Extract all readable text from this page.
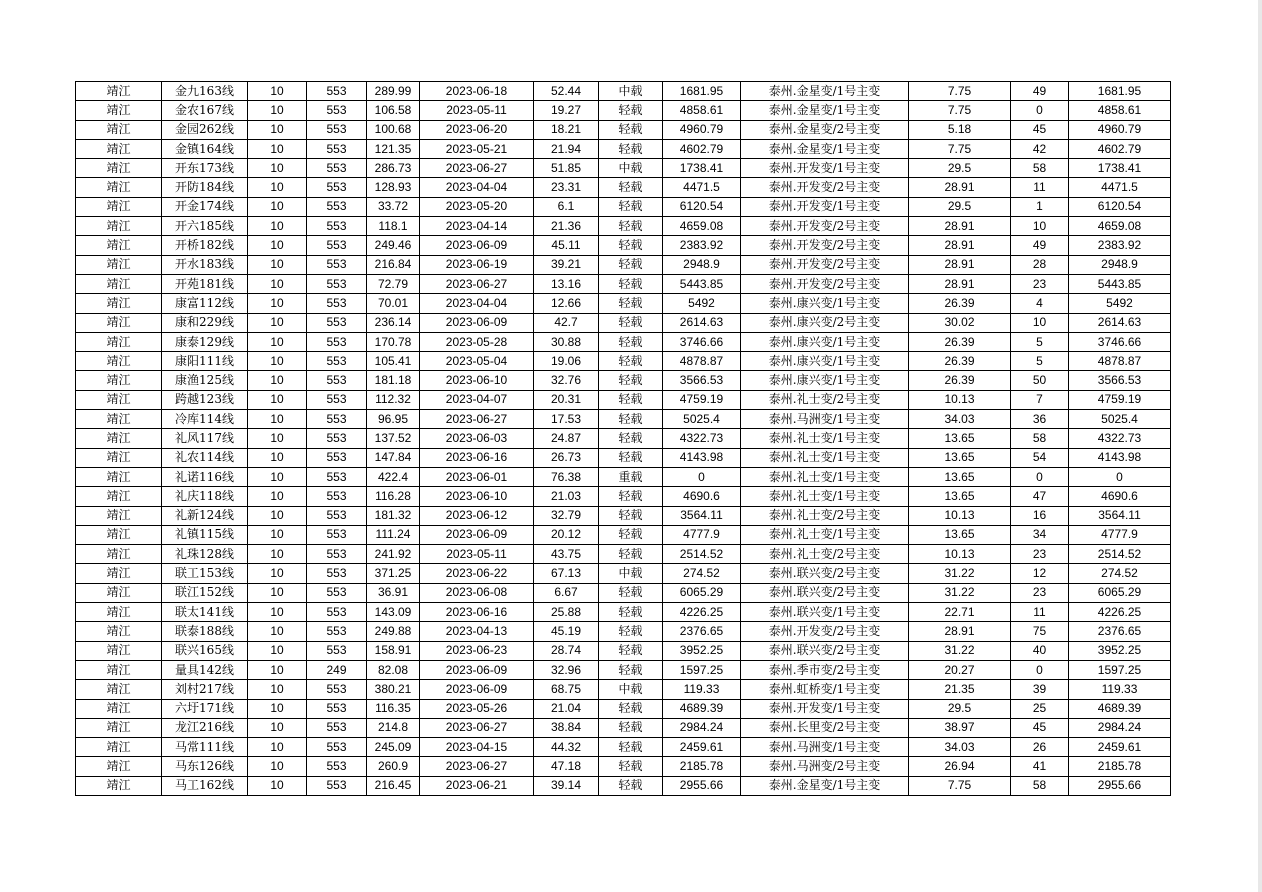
靖江	金九163线	10	553	289.99	2023-06-18	52.44	中载	1681.95	泰州.金星变/1号主变	7.75	49	1681.95
靖江	金农167线	10	553	106.58	2023-05-11	19.27	轻载	4858.61	泰州.金星变/1号主变	7.75	0	4858.61
靖江	金园262线	10	553	100.68	2023-06-20	18.21	轻载	4960.79	泰州.金星变/2号主变	5.18	45	4960.79
靖江	金镇164线	10	553	121.35	2023-05-21	21.94	轻载	4602.79	泰州.金星变/1号主变	7.75	42	4602.79
靖江	开东173线	10	553	286.73	2023-06-27	51.85	中载	1738.41	泰州.开发变/1号主变	29.5	58	1738.41
靖江	开防184线	10	553	128.93	2023-04-04	23.31	轻载	4471.5	泰州.开发变/2号主变	28.91	11	4471.5
靖江	开金174线	10	553	33.72	2023-05-20	6.1	轻载	6120.54	泰州.开发变/1号主变	29.5	1	6120.54
靖江	开六185线	10	553	118.1	2023-04-14	21.36	轻载	4659.08	泰州.开发变/2号主变	28.91	10	4659.08
靖江	开桥182线	10	553	249.46	2023-06-09	45.11	轻载	2383.92	泰州.开发变/2号主变	28.91	49	2383.92
靖江	开水183线	10	553	216.84	2023-06-19	39.21	轻载	2948.9	泰州.开发变/2号主变	28.91	28	2948.9
靖江	开苑181线	10	553	72.79	2023-06-27	13.16	轻载	5443.85	泰州.开发变/2号主变	28.91	23	5443.85
靖江	康富112线	10	553	70.01	2023-04-04	12.66	轻载	5492	泰州.康兴变/1号主变	26.39	4	5492
靖江	康和229线	10	553	236.14	2023-06-09	42.7	轻载	2614.63	泰州.康兴变/2号主变	30.02	10	2614.63
靖江	康泰129线	10	553	170.78	2023-05-28	30.88	轻载	3746.66	泰州.康兴变/1号主变	26.39	5	3746.66
靖江	康阳111线	10	553	105.41	2023-05-04	19.06	轻载	4878.87	泰州.康兴变/1号主变	26.39	5	4878.87
靖江	康渔125线	10	553	181.18	2023-06-10	32.76	轻载	3566.53	泰州.康兴变/1号主变	26.39	50	3566.53
靖江	跨越123线	10	553	112.32	2023-04-07	20.31	轻载	4759.19	泰州.礼士变/2号主变	10.13	7	4759.19
靖江	冷库114线	10	553	96.95	2023-06-27	17.53	轻载	5025.4	泰州.马洲变/1号主变	34.03	36	5025.4
靖江	礼风117线	10	553	137.52	2023-06-03	24.87	轻载	4322.73	泰州.礼士变/1号主变	13.65	58	4322.73
靖江	礼农114线	10	553	147.84	2023-06-16	26.73	轻载	4143.98	泰州.礼士变/1号主变	13.65	54	4143.98
靖江	礼诺116线	10	553	422.4	2023-06-01	76.38	重载	0	泰州.礼士变/1号主变	13.65	0	0
靖江	礼庆118线	10	553	116.28	2023-06-10	21.03	轻载	4690.6	泰州.礼士变/1号主变	13.65	47	4690.6
靖江	礼新124线	10	553	181.32	2023-06-12	32.79	轻载	3564.11	泰州.礼士变/2号主变	10.13	16	3564.11
靖江	礼镇115线	10	553	111.24	2023-06-09	20.12	轻载	4777.9	泰州.礼士变/1号主变	13.65	34	4777.9
靖江	礼珠128线	10	553	241.92	2023-05-11	43.75	轻载	2514.52	泰州.礼士变/2号主变	10.13	23	2514.52
靖江	联工153线	10	553	371.25	2023-06-22	67.13	中载	274.52	泰州.联兴变/2号主变	31.22	12	274.52
靖江	联江152线	10	553	36.91	2023-06-08	6.67	轻载	6065.29	泰州.联兴变/2号主变	31.22	23	6065.29
靖江	联太141线	10	553	143.09	2023-06-16	25.88	轻载	4226.25	泰州.联兴变/1号主变	22.71	11	4226.25
靖江	联泰188线	10	553	249.88	2023-04-13	45.19	轻载	2376.65	泰州.开发变/2号主变	28.91	75	2376.65
靖江	联兴165线	10	553	158.91	2023-06-23	28.74	轻载	3952.25	泰州.联兴变/2号主变	31.22	40	3952.25
靖江	量具142线	10	249	82.08	2023-06-09	32.96	轻载	1597.25	泰州.季市变/2号主变	20.27	0	1597.25
靖江	刘村217线	10	553	380.21	2023-06-09	68.75	中载	119.33	泰州.虹桥变/1号主变	21.35	39	119.33
靖江	六圩171线	10	553	116.35	2023-05-26	21.04	轻载	4689.39	泰州.开发变/1号主变	29.5	25	4689.39
靖江	龙江216线	10	553	214.8	2023-06-27	38.84	轻载	2984.24	泰州.长里变/2号主变	38.97	45	2984.24
靖江	马常111线	10	553	245.09	2023-04-15	44.32	轻载	2459.61	泰州.马洲变/1号主变	34.03	26	2459.61
靖江	马东126线	10	553	260.9	2023-06-27	47.18	轻载	2185.78	泰州.马洲变/2号主变	26.94	41	2185.78
靖江	马工162线	10	553	216.45	2023-06-21	39.14	轻载	2955.66	泰州.金星变/1号主变	7.75	58	2955.66
